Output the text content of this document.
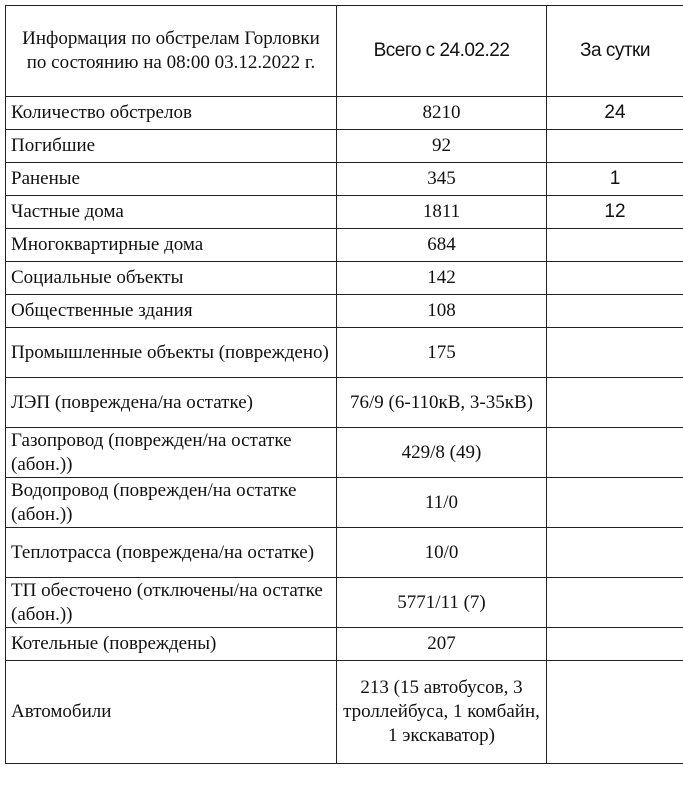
Информация по обстрелам Горловки по состоянию на 08:00 03.12.2022 г.	Всего с 24.02.22	За сутки
Количество обстрелов	8210	24
Погибшие	92	
Раненые	345	1
Частные дома	1811	12
Многоквартирные дома	684	
Социальные объекты	142	
Общественные здания	108	
Промышленные объекты (повреждено)	175	
ЛЭП (повреждена/на остатке)	76/9 (6-110кВ, 3-35кВ)	
Газопровод (поврежден/на остатке (абон.))	429/8 (49)	
Водопровод (поврежден/на остатке (абон.))	11/0	
Теплотрасса (повреждена/на остатке)	10/0	
ТП обесточено (отключены/на остатке (абон.))	5771/11 (7)	
Котельные (повреждены)	207	
Автомобили	213 (15 автобусов, 3 троллейбуса, 1 комбайн, 1 экскаватор)	
